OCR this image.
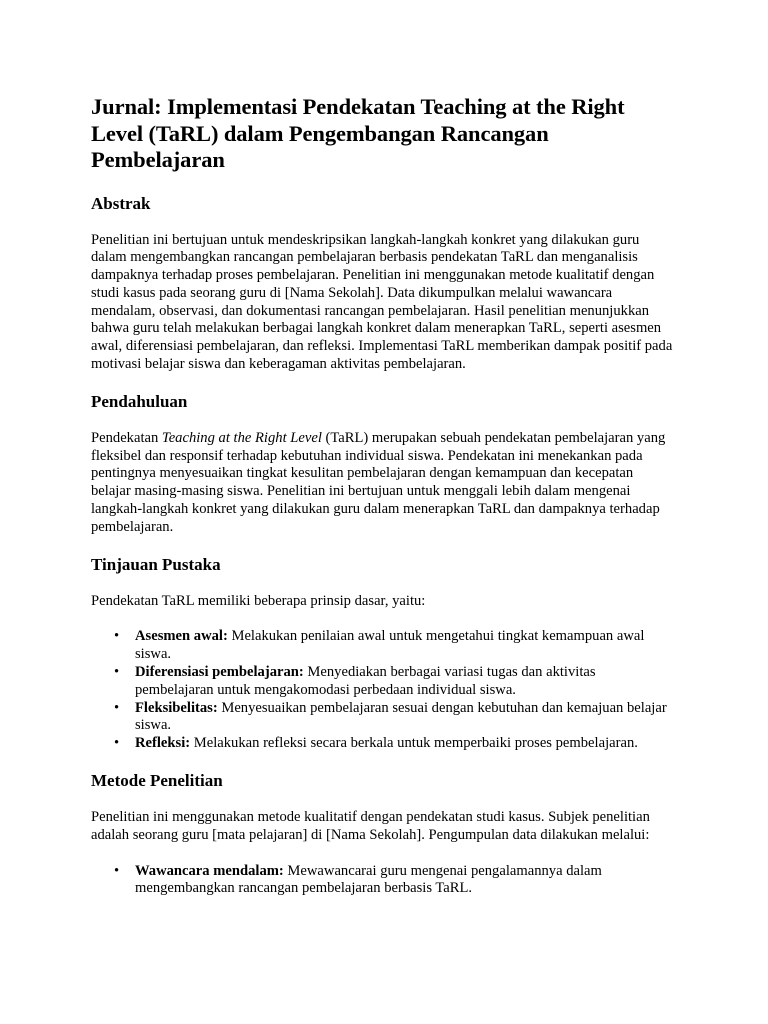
Jurnal: Implementasi Pendekatan Teaching at the Right Level (TaRL) dalam Pengembangan Rancangan Pembelajaran
Abstrak

Penelitian ini bertujuan untuk mendeskripsikan langkah-langkah konkret yang dilakukan guru dalam mengembangkan rancangan pembelajaran berbasis pendekatan TaRL dan menganalisis dampaknya terhadap proses pembelajaran. Penelitian ini menggunakan metode kualitatif dengan studi kasus pada seorang guru di [Nama Sekolah]. Data dikumpulkan melalui wawancara mendalam, observasi, dan dokumentasi rancangan pembelajaran. Hasil penelitian menunjukkan bahwa guru telah melakukan berbagai langkah konkret dalam menerapkan TaRL, seperti asesmen awal, diferensiasi pembelajaran, dan refleksi. Implementasi TaRL memberikan dampak positif pada motivasi belajar siswa dan keberagaman aktivitas pembelajaran.

Pendahuluan

Pendekatan Teaching at the Right Level (TaRL) merupakan sebuah pendekatan pembelajaran yang fleksibel dan responsif terhadap kebutuhan individual siswa. Pendekatan ini menekankan pada pentingnya menyesuaikan tingkat kesulitan pembelajaran dengan kemampuan dan kecepatan belajar masing-masing siswa. Penelitian ini bertujuan untuk menggali lebih dalam mengenai langkah-langkah konkret yang dilakukan guru dalam menerapkan TaRL dan dampaknya terhadap pembelajaran.

Tinjauan Pustaka

Pendekatan TaRL memiliki beberapa prinsip dasar, yaitu:

• Asesmen awal: Melakukan penilaian awal untuk mengetahui tingkat kemampuan awal siswa.
• Diferensiasi pembelajaran: Menyediakan berbagai variasi tugas dan aktivitas pembelajaran untuk mengakomodasi perbedaan individual siswa.
• Fleksibelitas: Menyesuaikan pembelajaran sesuai dengan kebutuhan dan kemajuan belajar siswa.
• Refleksi: Melakukan refleksi secara berkala untuk memperbaiki proses pembelajaran.
Metode Penelitian

Penelitian ini menggunakan metode kualitatif dengan pendekatan studi kasus. Subjek penelitian adalah seorang guru [mata pelajaran] di [Nama Sekolah]. Pengumpulan data dilakukan melalui:

• Wawancara mendalam: Mewawancarai guru mengenai pengalamannya dalam mengembangkan rancangan pembelajaran berbasis TaRL.
